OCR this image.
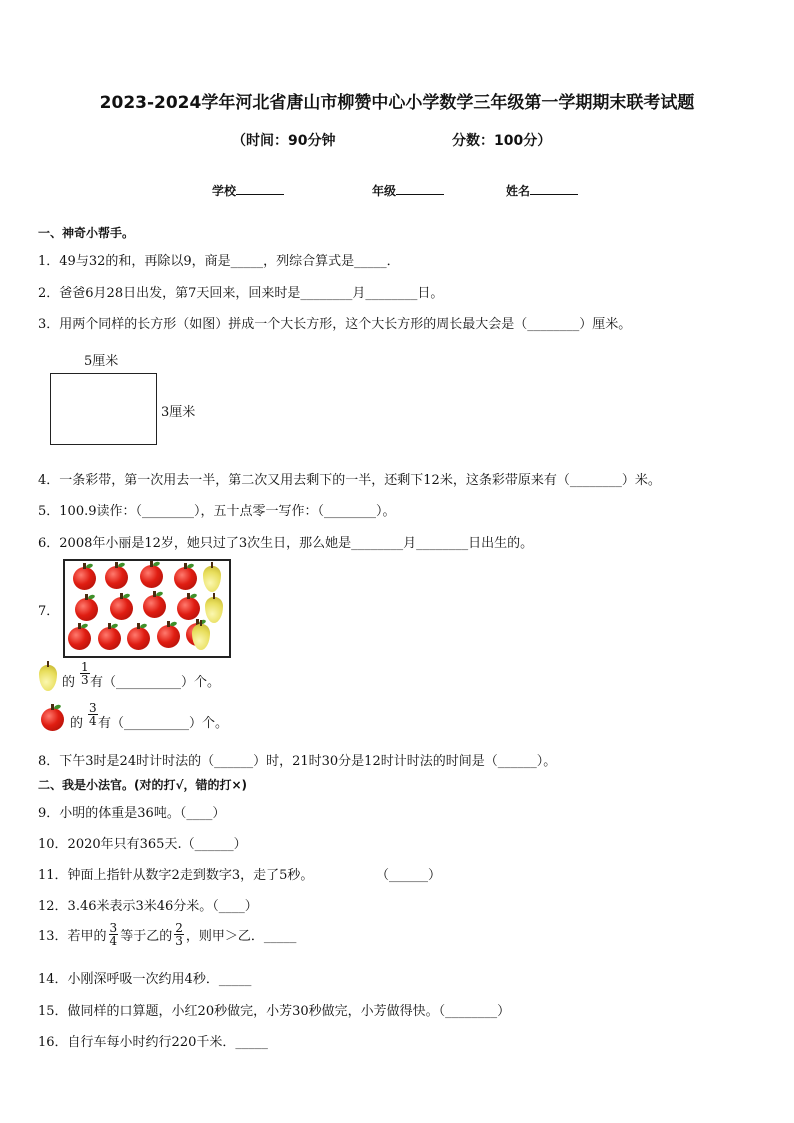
2023-2024学年河北省唐山市柳赞中心小学数学三年级第一学期期末联考试题
（时间：90分钟	分数：100分）
学校	年级	姓名
一、神奇小帮手。
1．49与32的和，再除以9，商是_____，列综合算式是_____．
2．爸爸6月28日出发，第7天回来，回来时是________月________日。
3．用两个同样的长方形（如图）拼成一个大长方形，这个大长方形的周长最大会是（________）厘米。
5厘米
3厘米
4．一条彩带，第一次用去一半，第二次又用去剩下的一半，还剩下12米，这条彩带原来有（________）米。
5．100.9读作：（________），五十点零一写作：（________）。
6．2008年小丽是12岁，她只过了3次生日，那么她是________月________日出生的。
7．
的 $\frac{1}{3}$ 有（__________）个。
的 $\frac{3}{4}$ 有（__________）个。
8．下午3时是24时计时法的（______）时，21时30分是12时计时法的时间是（______）。
二、我是小法官。(对的打√，错的打×)
9．小明的体重是36吨。（____）
10．2020年只有365天.（______）
11．钟面上指针从数字2走到数字3，走了5秒。	（______）
12．3.46米表示3米46分米。（____）
13．若甲的 $\frac{3}{4}$ 等于乙的 $\frac{2}{3}$ ，则甲＞乙．_____
14．小刚深呼吸一次约用4秒．_____
15．做同样的口算题，小红20秒做完，小芳30秒做完，小芳做得快。（________）
16．自行车每小时约行220千米．_____
